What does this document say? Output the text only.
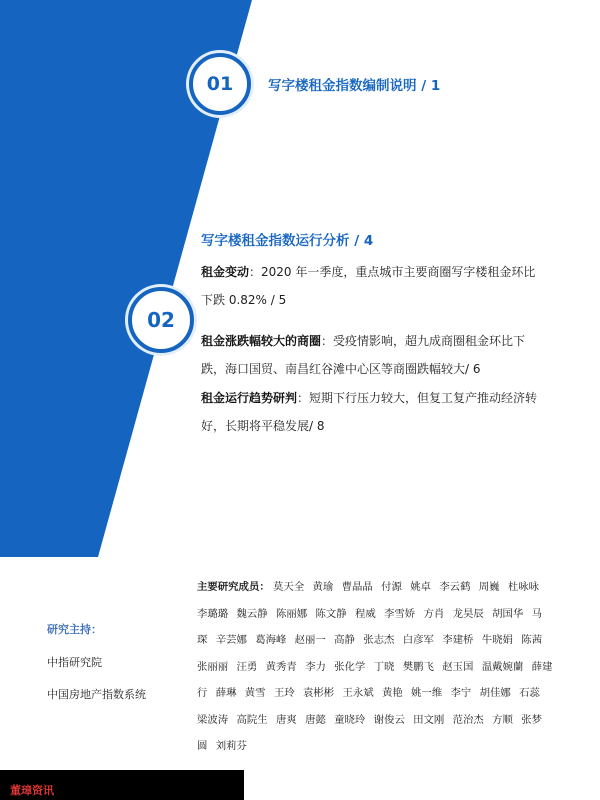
01	写字楼租金指数编制说明 / 1
02
写字楼租金指数运行分析 / 4
租金变动：2020 年一季度，重点城市主要商圈写字楼租金环比下跌 0.82% / 5
租金涨跌幅较大的商圈：受疫情影响，超九成商圈租金环比下跌，海口国贸、南昌红谷滩中心区等商圈跌幅较大/ 6
租金运行趋势研判：短期下行压力较大，但复工复产推动经济转好，长期将平稳发展/ 8
研究主持：
中指研究院
中国房地产指数系统
主要研究成员： 莫天全 黄瑜 曹晶晶 付源 姚卓 李云鹤 周巍 杜咏咏 李璐璐 魏云静 陈丽娜 陈文静 程威 李雪娇 方肖 龙昊辰 胡国华 马琛 辛芸娜 葛海峰 赵丽一 高静 张志杰 白彦军 李建桥 牛晓娟 陈茜 张丽丽 汪勇 黄秀青 李力 张化学 丁晓 樊鹏飞 赵玉国 温戴婉蘭 薛建行 薛琳 黄雪 王玲 袁彬彬 王永斌 黄艳 姚一维 李宁 胡佳娜 石蕊 梁波涛 高院生 唐爽 唐懿 童晓玲 谢俊云 田文刚 范治杰 方顺 张梦圆 刘莉芬
董璋资讯
